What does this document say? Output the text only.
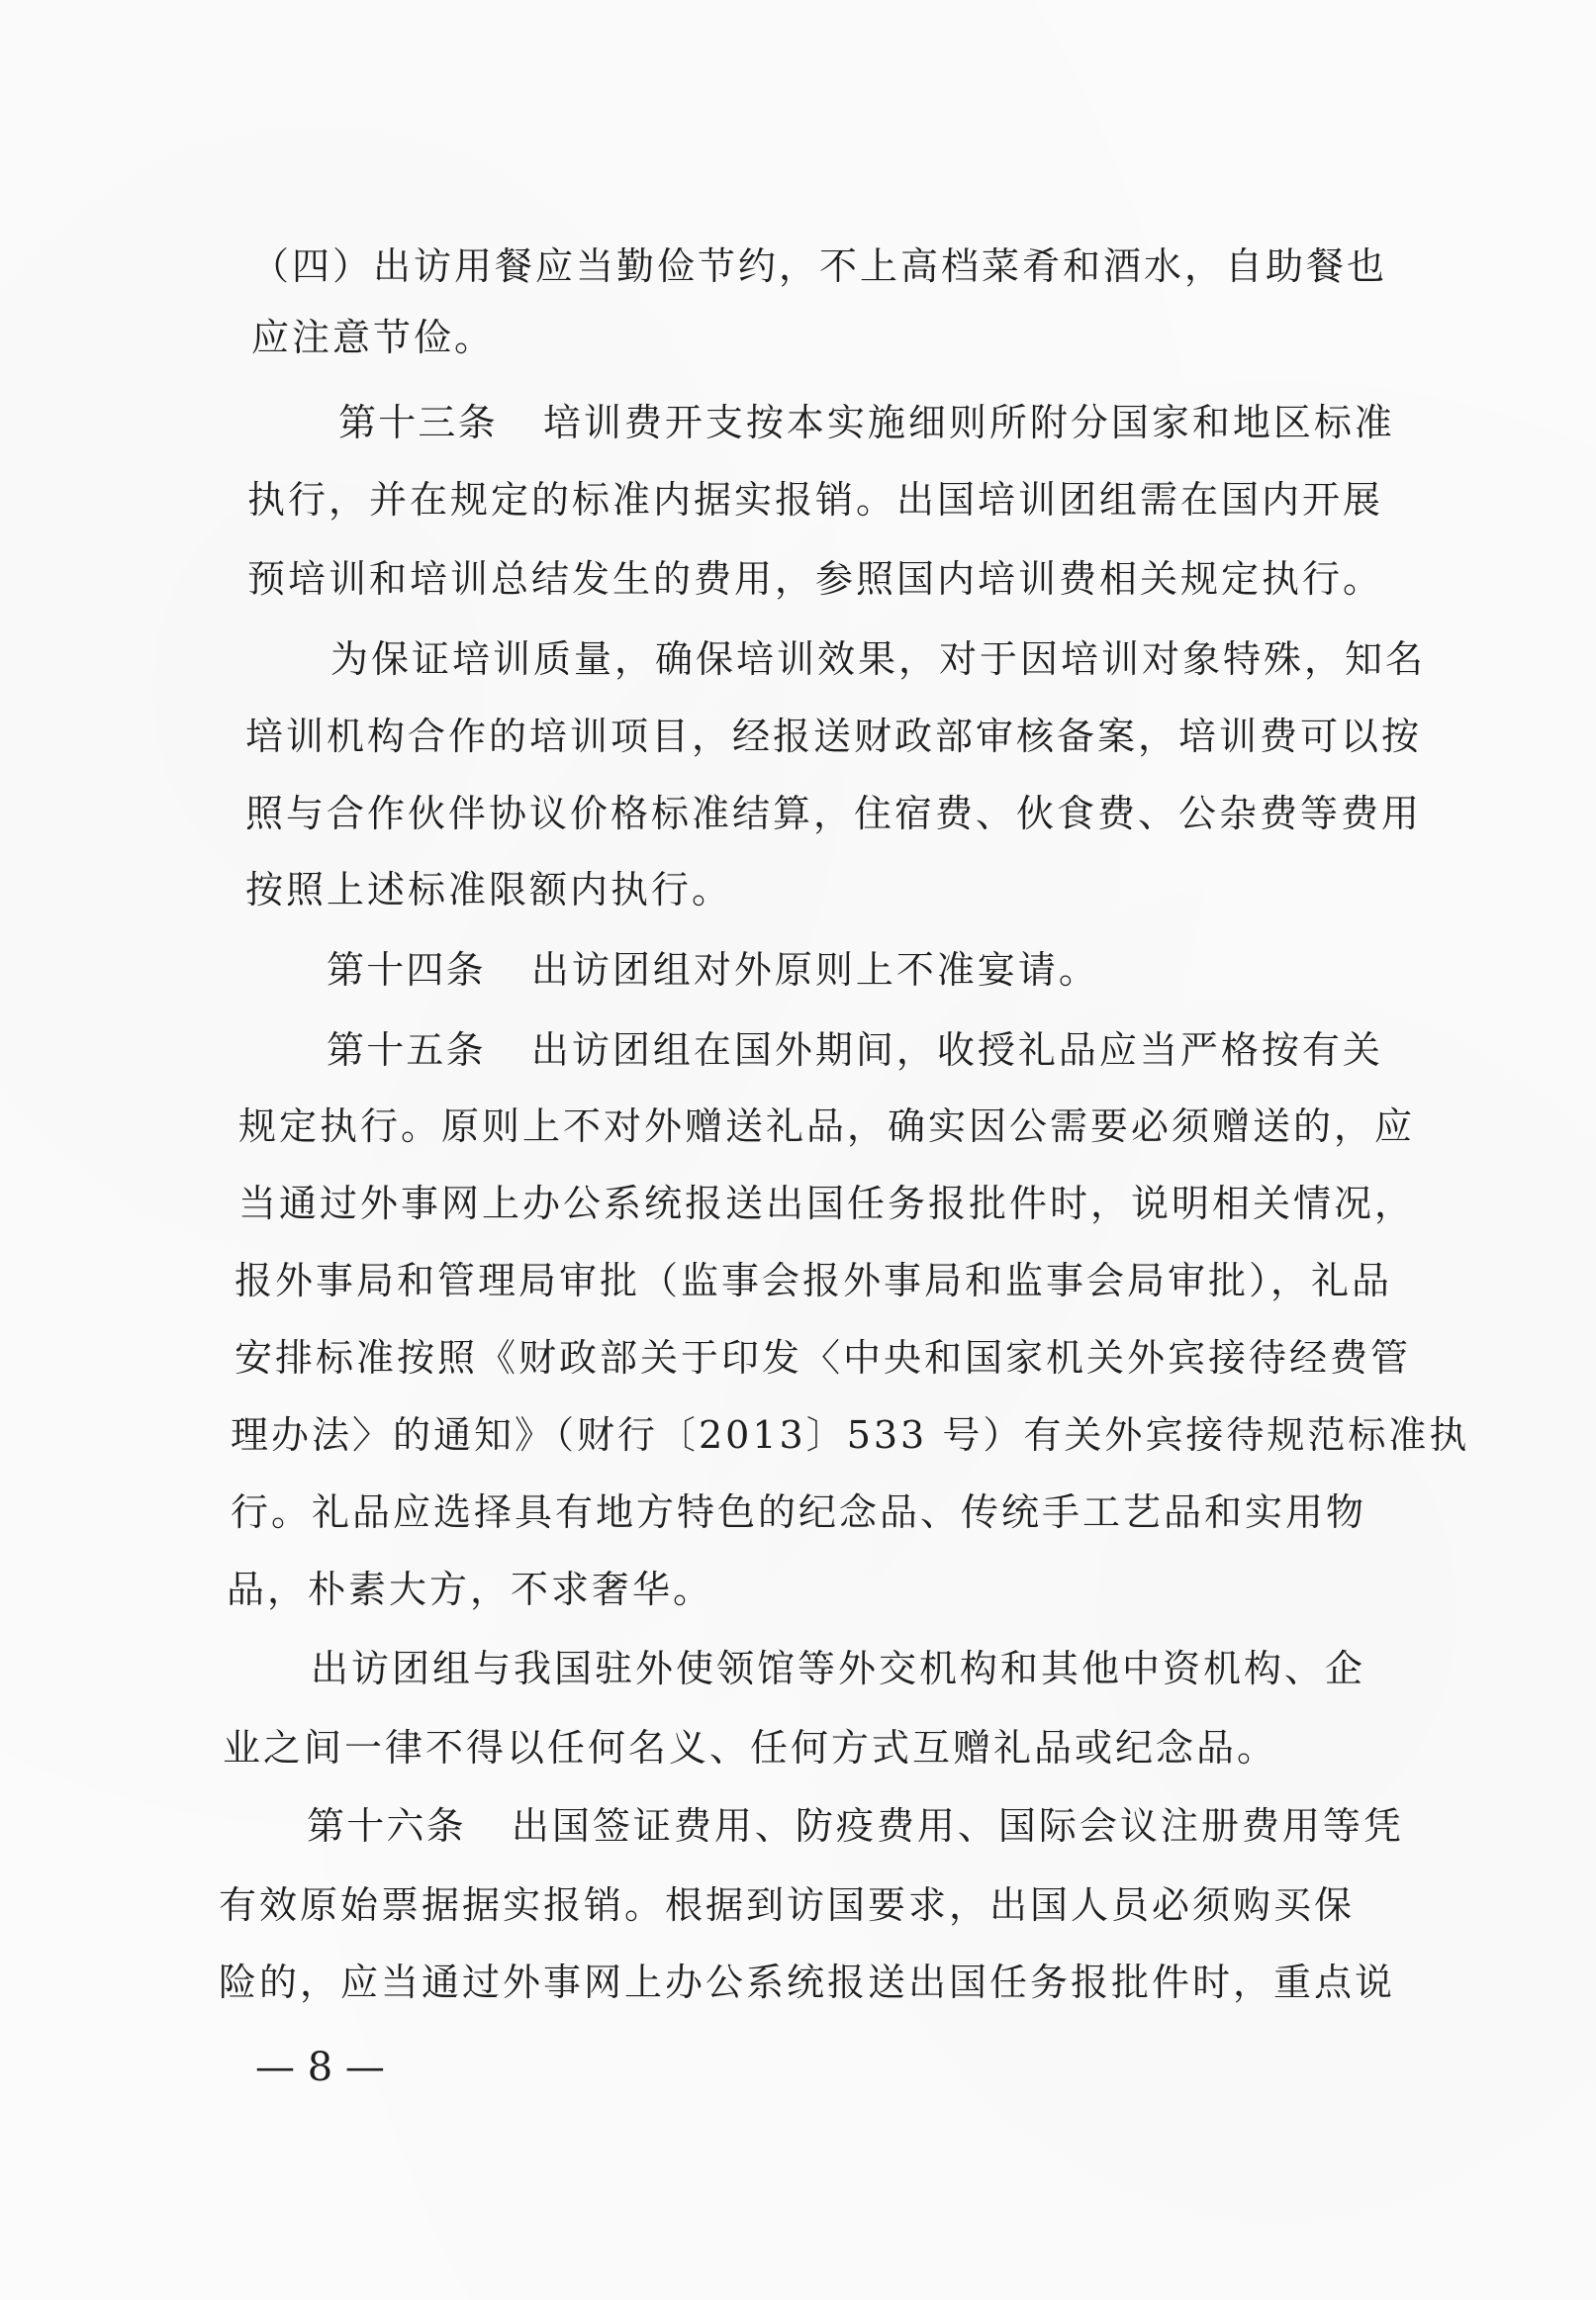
（四）出访用餐应当勤俭节约，不上高档菜肴和酒水，自助餐也
应注意节俭。
第十三条 培训费开支按本实施细则所附分国家和地区标准
执行，并在规定的标准内据实报销。出国培训团组需在国内开展
预培训和培训总结发生的费用，参照国内培训费相关规定执行。
为保证培训质量，确保培训效果，对于因培训对象特殊，知名
培训机构合作的培训项目，经报送财政部审核备案，培训费可以按
照与合作伙伴协议价格标准结算，住宿费、伙食费、公杂费等费用
按照上述标准限额内执行。
第十四条 出访团组对外原则上不准宴请。
第十五条 出访团组在国外期间，收授礼品应当严格按有关
规定执行。原则上不对外赠送礼品，确实因公需要必须赠送的，应
当通过外事网上办公系统报送出国任务报批件时，说明相关情况，
报外事局和管理局审批（监事会报外事局和监事会局审批），礼品
安排标准按照《财政部关于印发〈中央和国家机关外宾接待经费管
理办法〉的通知》（财行〔2013〕533 号）有关外宾接待规范标准执
行。礼品应选择具有地方特色的纪念品、传统手工艺品和实用物
品，朴素大方，不求奢华。
出访团组与我国驻外使领馆等外交机构和其他中资机构、企
业之间一律不得以任何名义、任何方式互赠礼品或纪念品。
第十六条 出国签证费用、防疫费用、国际会议注册费用等凭
有效原始票据据实报销。根据到访国要求，出国人员必须购买保
险的，应当通过外事网上办公系统报送出国任务报批件时，重点说
— 8 —
